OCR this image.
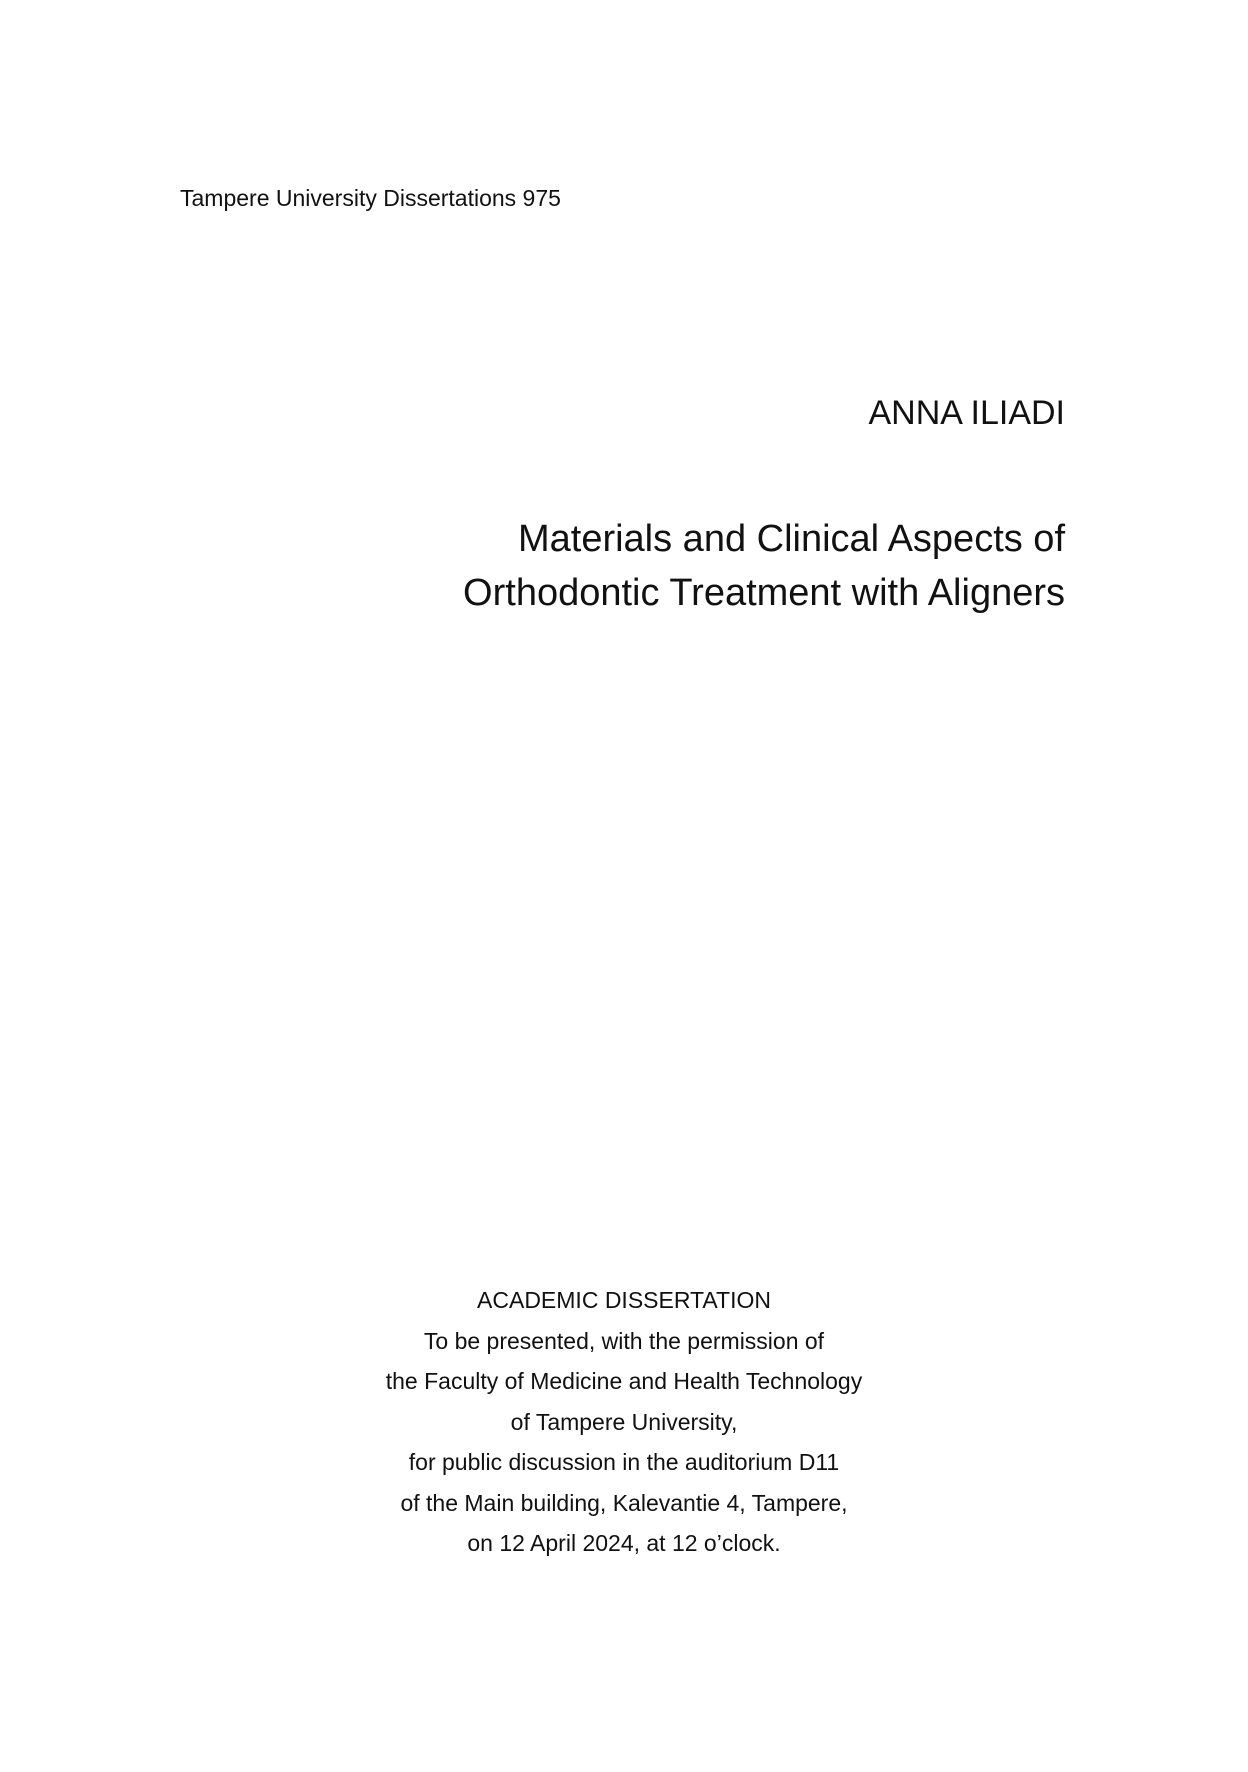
Tampere University Dissertations 975

ANNA ILIADI
Materials and Clinical Aspects of
Orthodontic Treatment with Aligners
ACADEMIC DISSERTATION
To be presented, with the permission of
the Faculty of Medicine and Health Technology
of Tampere University,
for public discussion in the auditorium D11
of the Main building, Kalevantie 4, Tampere,
on 12 April 2024, at 12 o’clock.
